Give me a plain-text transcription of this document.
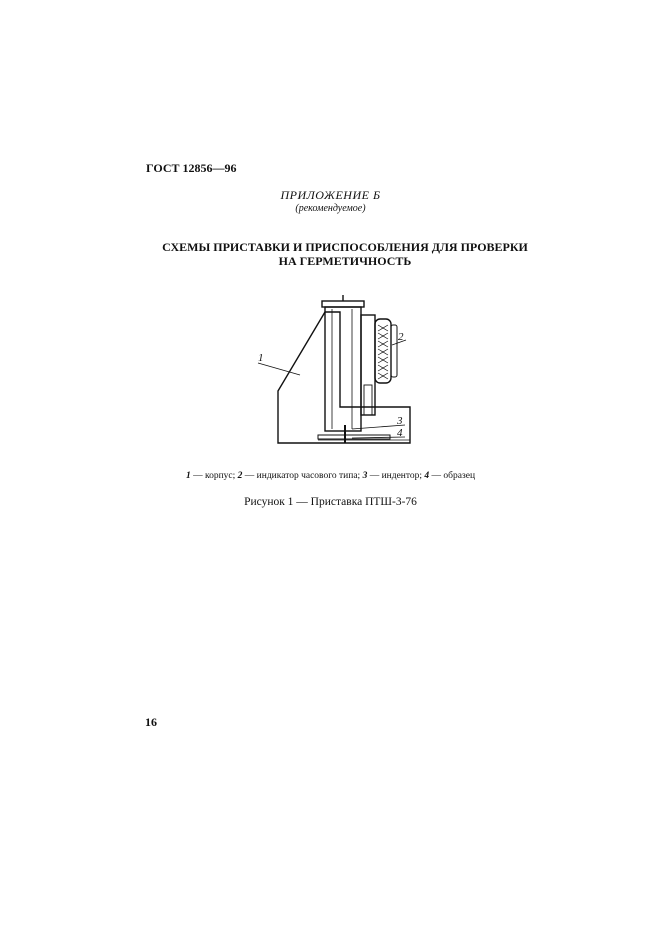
ГОСТ 12856—96
ПРИЛОЖЕНИЕ Б
(рекомендуемое)
СХЕМЫ ПРИСТАВКИ И ПРИСПОСОБЛЕНИЯ ДЛЯ ПРОВЕРКИ
НА ГЕРМЕТИЧНОСТЬ
1
2
3
4
1 — корпус; 2 — индикатор часового типа; 3 — индентор; 4 — образец
Рисунок 1 — Приставка ПТШ-3-76
16
